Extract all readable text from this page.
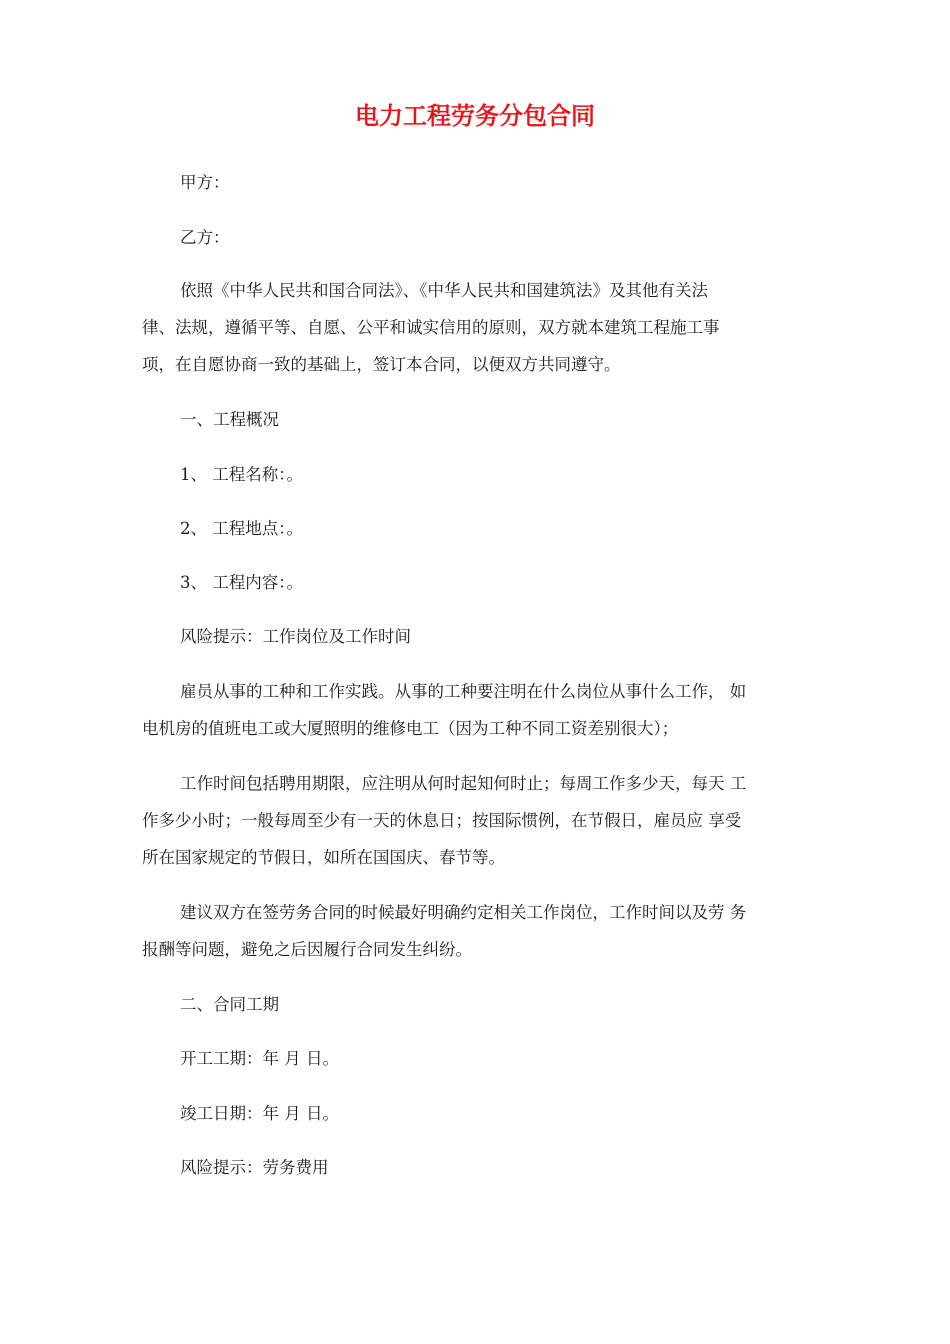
电力工程劳务分包合同
甲方：
乙方：
依照《中华人民共和国合同法》、《中华人民共和国建筑法》及其他有关法
律、法规，遵循平等、自愿、公平和诚实信用的原则，双方就本建筑工程施工事
项，在自愿协商一致的基础上，签订本合同，以便双方共同遵守。
一、工程概况
1、 工程名称：。
2、 工程地点：。
3、 工程内容：。
风险提示：工作岗位及工作时间
雇员从事的工种和工作实践。从事的工种要注明在什么岗位从事什么工作， 如
电机房的值班电工或大厦照明的维修电工（因为工种不同工资差别很大）；
工作时间包括聘用期限，应注明从何时起知何时止；每周工作多少天，每天 工
作多少小时；一般每周至少有一天的休息日；按国际惯例，在节假日，雇员应 享受
所在国家规定的节假日，如所在国国庆、春节等。
建议双方在签劳务合同的时候最好明确约定相关工作岗位，工作时间以及劳 务
报酬等问题，避免之后因履行合同发生纠纷。
二、合同工期
开工工期：年 月 日。
竣工日期：年 月 日。
风险提示：劳务费用
